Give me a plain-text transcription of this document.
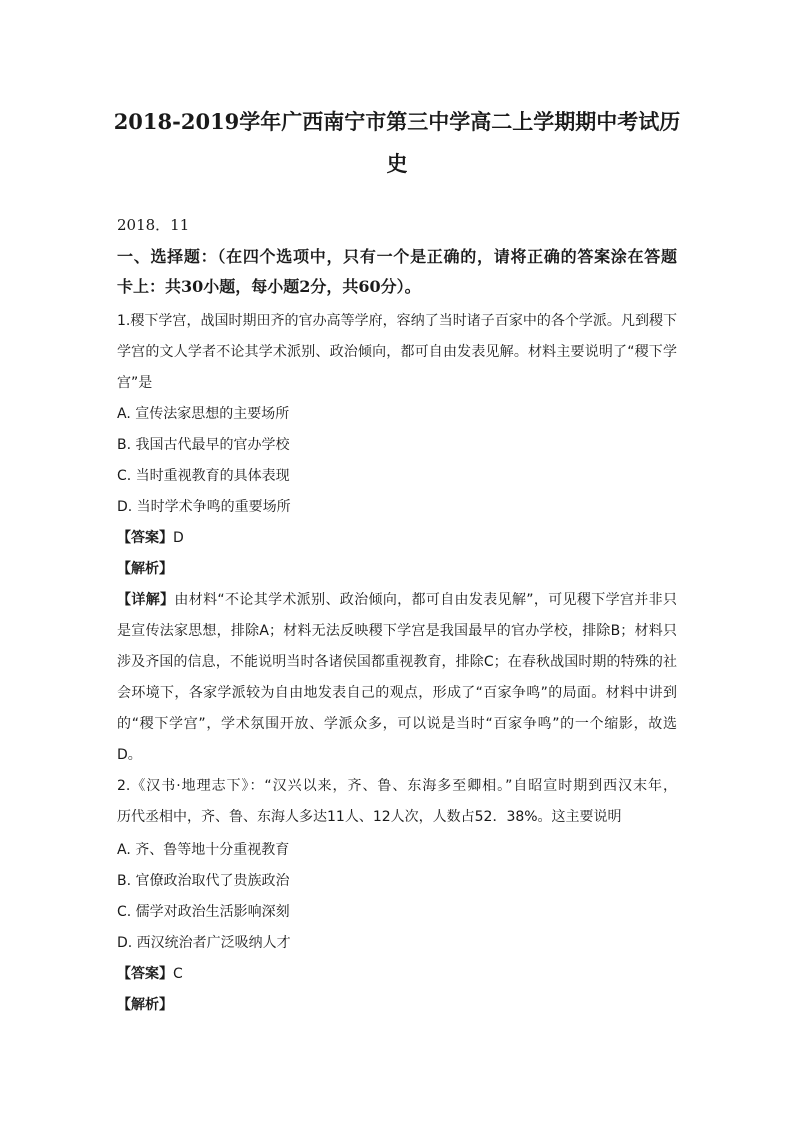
2018-2019学年广西南宁市第三中学高二上学期期中考试历
史
2018．11
一、选择题：（在四个选项中，只有一个是正确的，请将正确的答案涂在答题
卡上：共30小题，每小题2分，共60分）。
1.稷下学宫，战国时期田齐的官办高等学府，容纳了当时诸子百家中的各个学派。凡到稷下
学宫的文人学者不论其学术派别、政治倾向，都可自由发表见解。材料主要说明了“稷下学
宫”是
A. 宣传法家思想的主要场所
B. 我国古代最早的官办学校
C. 当时重视教育的具体表现
D. 当时学术争鸣的重要场所
【答案】D
【解析】
【详解】由材料“不论其学术派别、政治倾向，都可自由发表见解”，可见稷下学宫并非只
是宣传法家思想，排除A；材料无法反映稷下学宫是我国最早的官办学校，排除B；材料只
涉及齐国的信息，不能说明当时各诸侯国都重视教育，排除C；在春秋战国时期的特殊的社
会环境下，各家学派较为自由地发表自己的观点，形成了“百家争鸣”的局面。材料中讲到
的“稷下学宫”，学术氛围开放、学派众多，可以说是当时“百家争鸣”的一个缩影，故选
D。
2.《汉书·地理志下》：“汉兴以来，齐、鲁、东海多至卿相。”自昭宣时期到西汉末年，
历代丞相中，齐、鲁、东海人多达11人、12人次，人数占52．38%。这主要说明
A. 齐、鲁等地十分重视教育
B. 官僚政治取代了贵族政治
C. 儒学对政治生活影响深刻
D. 西汉统治者广泛吸纳人才
【答案】C
【解析】
